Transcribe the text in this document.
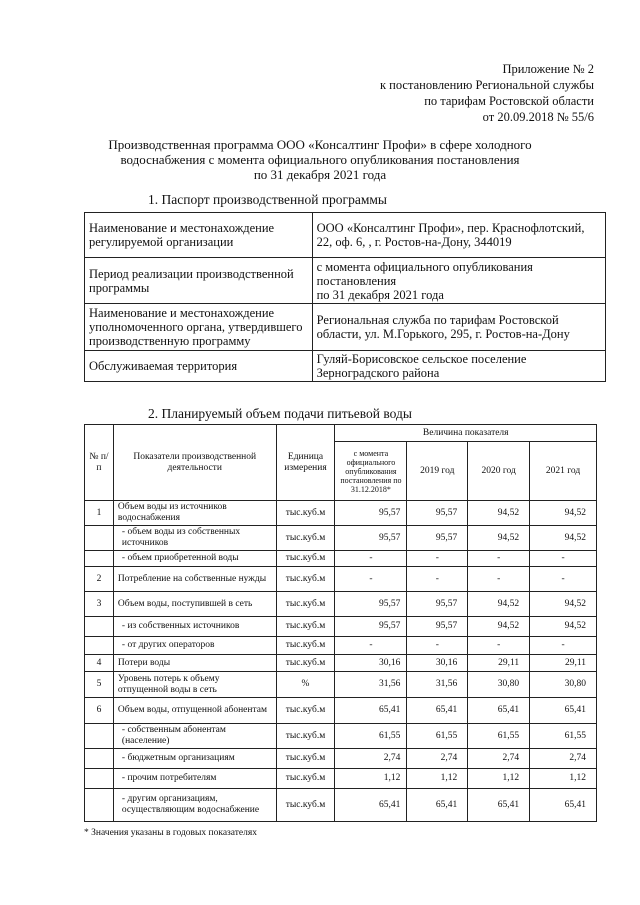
Приложение № 2
к постановлению Региональной службы
по тарифам Ростовской области
от 20.09.2018 № 55/6
Производственная программа ООО «Консалтинг Профи» в сфере холодного
водоснабжения с момента официального опубликования постановления
по 31 декабря 2021 года
1. Паспорт производственной программы
Наименование и местонахождение регулируемой организации	ООО «Консалтинг Профи», пер. Краснофлотский, 22, оф. 6, , г. Ростов-на-Дону, 344019
Период реализации производственной программы	с момента официального опубликования постановления
по 31 декабря 2021 года
Наименование и местонахождение уполномоченного органа, утвердившего производственную программу	Региональная служба по тарифам Ростовской области, ул. М.Горького, 295, г. Ростов-на-Дону
Обслуживаемая территория	Гуляй-Борисовское сельское поселение Зерноградского района
2. Планируемый объем подачи питьевой воды
№ п/п	Показатели производственной деятельности	Единица измерения	Величина показателя			
			с момента официального опубликования постановления по 31.12.2018*	2019 год	2020 год	2021 год
1	Объем воды из источников водоснабжения	тыс.куб.м	95,57	95,57	94,52	94,52
	- объем воды из собственных источников	тыс.куб.м	95,57	95,57	94,52	94,52
	- объем приобретенной воды	тыс.куб.м	-	-	-	-
2	Потребление на собственные нужды	тыс.куб.м	-	-	-	-
3	Объем воды, поступившей в сеть	тыс.куб.м	95,57	95,57	94,52	94,52
	- из собственных источников	тыс.куб.м	95,57	95,57	94,52	94,52
	- от других операторов	тыс.куб.м	-	-	-	-
4	Потери воды	тыс.куб.м	30,16	30,16	29,11	29,11
5	Уровень потерь к объему отпущенной воды в сеть	%	31,56	31,56	30,80	30,80
6	Объем воды, отпущенной абонентам	тыс.куб.м	65,41	65,41	65,41	65,41
	- собственным абонентам (население)	тыс.куб.м	61,55	61,55	61,55	61,55
	- бюджетным организациям	тыс.куб.м	2,74	2,74	2,74	2,74
	- прочим потребителям	тыс.куб.м	1,12	1,12	1,12	1,12
	- другим организациям, осуществляющим водоснабжение	тыс.куб.м	65,41	65,41	65,41	65,41
* Значения указаны в годовых показателях
